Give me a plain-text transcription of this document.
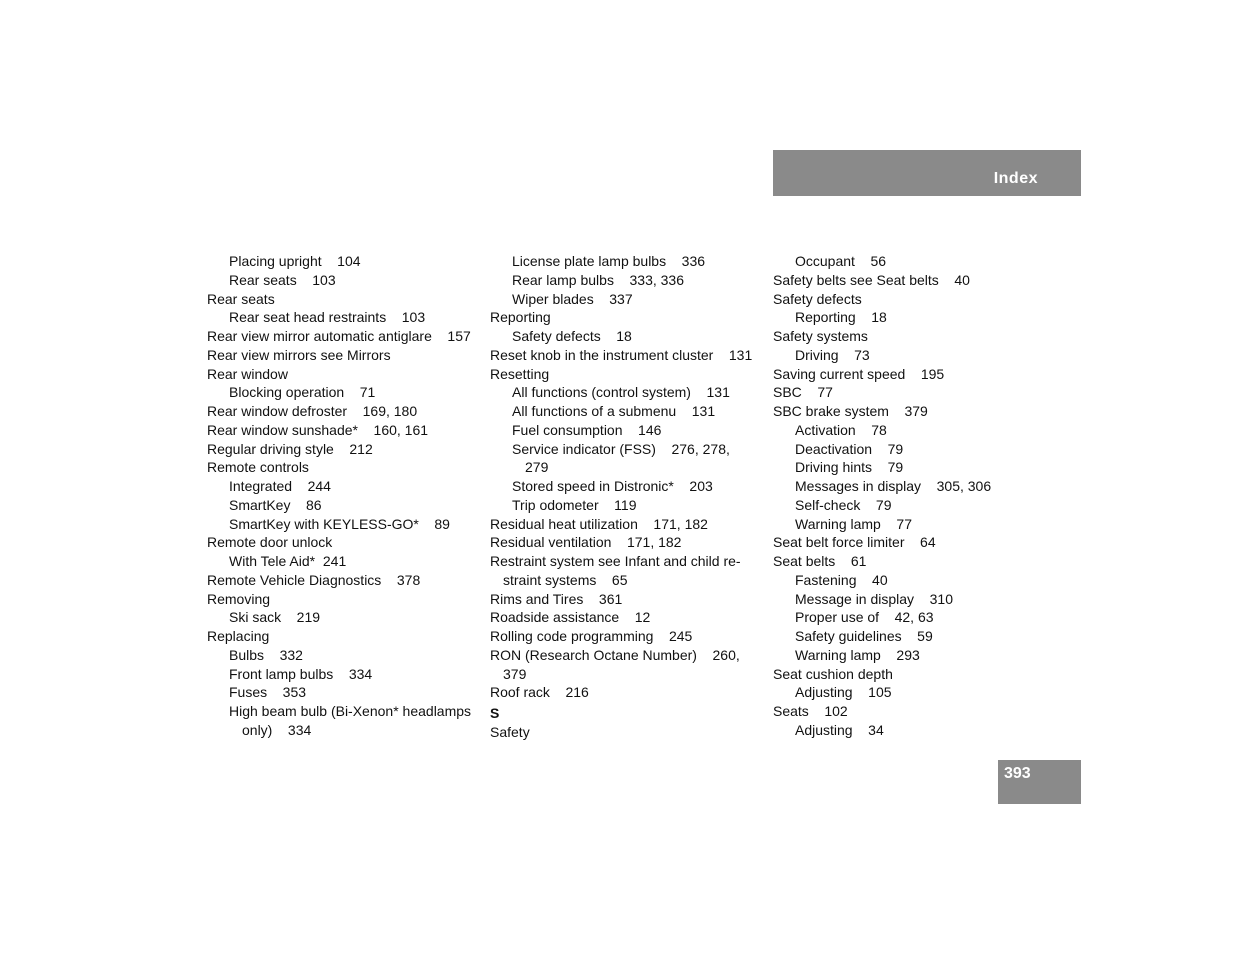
Index
Placing upright    104
Rear seats    103
Rear seats
Rear seat head restraints    103
Rear view mirror automatic antiglare    157
Rear view mirrors see Mirrors
Rear window
Blocking operation    71
Rear window defroster    169, 180
Rear window sunshade*    160, 161
Regular driving style    212
Remote controls
Integrated    244
SmartKey    86
SmartKey with KEYLESS-GO*    89
Remote door unlock
With Tele Aid*  241
Remote Vehicle Diagnostics    378
Removing
Ski sack    219
Replacing
Bulbs    332
Front lamp bulbs    334
Fuses    353
High beam bulb (Bi-Xenon* headlamps
only)    334
License plate lamp bulbs    336
Rear lamp bulbs    333, 336
Wiper blades    337
Reporting
Safety defects    18
Reset knob in the instrument cluster    131
Resetting
All functions (control system)    131
All functions of a submenu    131
Fuel consumption    146
Service indicator (FSS)    276, 278,
279
Stored speed in Distronic*    203
Trip odometer    119
Residual heat utilization    171, 182
Residual ventilation    171, 182
Restraint system see Infant and child re-
straint systems    65
Rims and Tires    361
Roadside assistance    12
Rolling code programming    245
RON (Research Octane Number)    260,
379
Roof rack    216
S
Safety
Occupant    56
Safety belts see Seat belts    40
Safety defects
Reporting    18
Safety systems
Driving    73
Saving current speed    195
SBC    77
SBC brake system    379
Activation    78
Deactivation    79
Driving hints    79
Messages in display    305, 306
Self-check    79
Warning lamp    77
Seat belt force limiter    64
Seat belts    61
Fastening    40
Message in display    310
Proper use of    42, 63
Safety guidelines    59
Warning lamp    293
Seat cushion depth
Adjusting    105
Seats    102
Adjusting    34
393
